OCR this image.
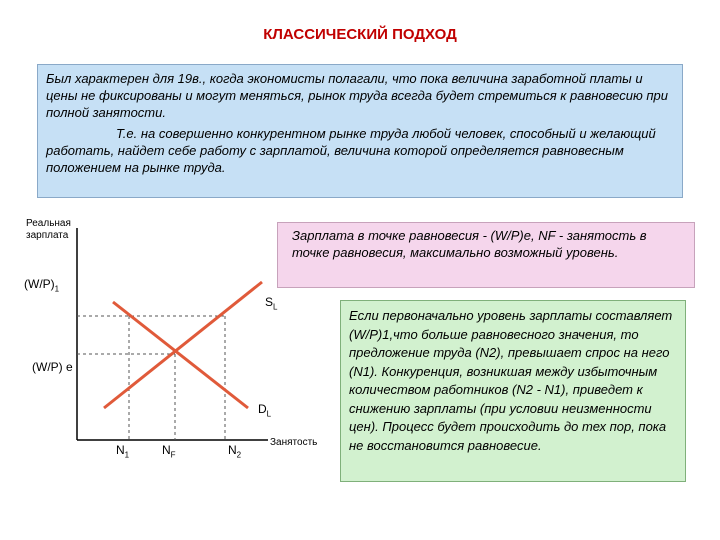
КЛАССИЧЕСКИЙ ПОДХОД

Был характерен для 19в., когда экономисты полагали, что пока величина заработной платы и цены не фиксированы и могут меняться, рынок труда всегда будет стремиться к равновесию при полной занятости.

Т.е. на совершенно конкурентном рынке труда любой человек, способный и желающий работать, найдет себе работу с зарплатой, величина которой определяется равновесным положением на рынке труда.

Реальная
зарплата
$(W/P)_1$
(W/P) е
$S_L$
$D_L$
$N_1$	$N_F$	$N_2$
Занятость
Зарплата в точке равновесия - (W/P)е, NF - занятость в точке равновесия, максимально возможный уровень.
Если первоначально уровень зарплаты составляет (W/P)1,что больше равновесного значения, то предложение труда (N2), превышает спрос на него (N1). Конкуренция, возникшая между избыточным количеством работников (N2 - N1), приведет к снижению зарплаты (при условии неизменности цен). Процесс будет происходить до тех пор, пока не восстановится равновесие.
